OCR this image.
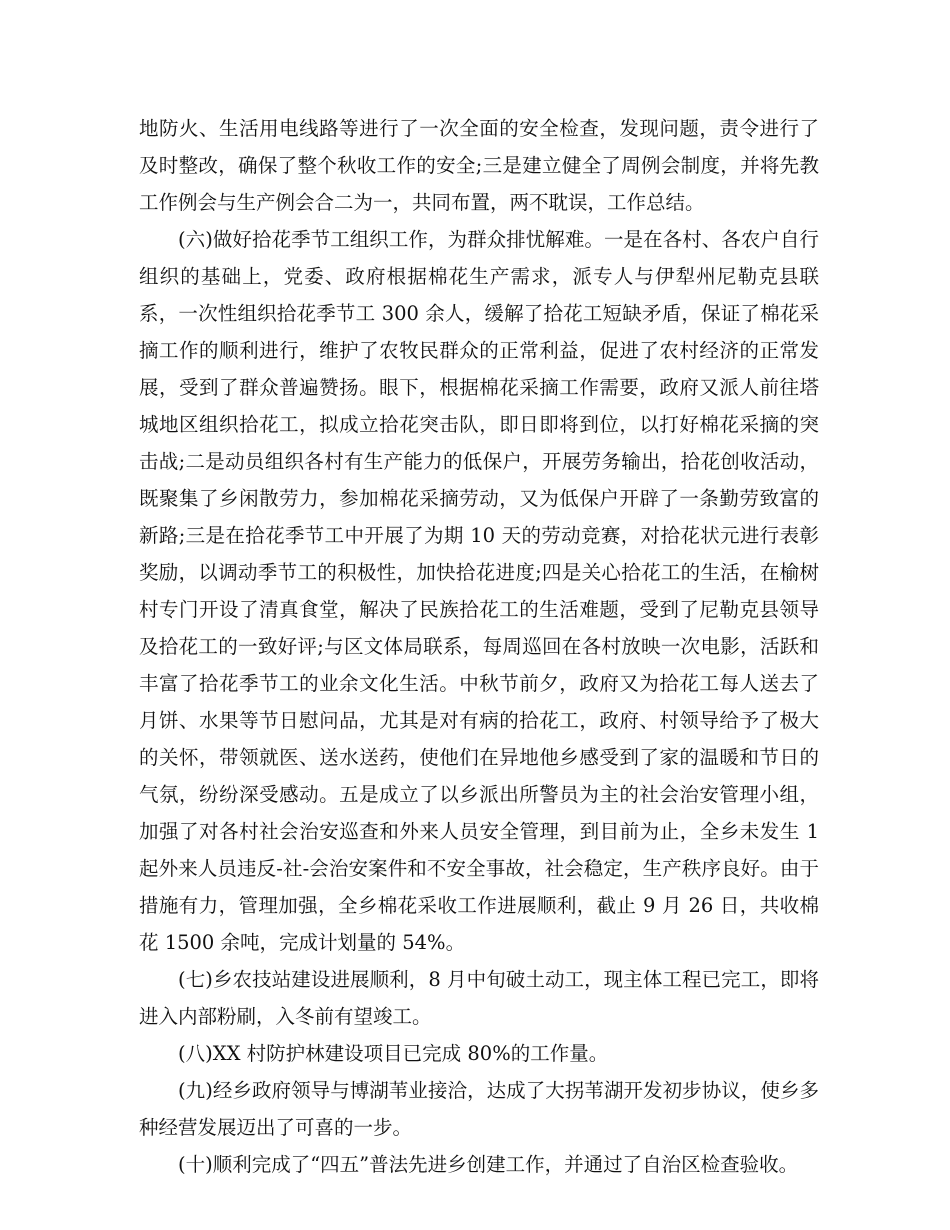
地防火、生活用电线路等进行了一次全面的安全检查，发现问题，责令进行了及时整改，确保了整个秋收工作的安全;三是建立健全了周例会制度，并将先教工作例会与生产例会合二为一，共同布置，两不耽误，工作总结。

(六)做好拾花季节工组织工作，为群众排忧解难。一是在各村、各农户自行组织的基础上，党委、政府根据棉花生产需求，派专人与伊犁州尼勒克县联系，一次性组织拾花季节工 300 余人，缓解了拾花工短缺矛盾，保证了棉花采摘工作的顺利进行，维护了农牧民群众的正常利益，促进了农村经济的正常发展，受到了群众普遍赞扬。眼下，根据棉花采摘工作需要，政府又派人前往塔城地区组织拾花工，拟成立拾花突击队，即日即将到位，以打好棉花采摘的突击战;二是动员组织各村有生产能力的低保户，开展劳务输出，拾花创收活动，既聚集了乡闲散劳力，参加棉花采摘劳动，又为低保户开辟了一条勤劳致富的新路;三是在拾花季节工中开展了为期 10 天的劳动竞赛，对拾花状元进行表彰奖励，以调动季节工的积极性，加快拾花进度;四是关心拾花工的生活，在榆树村专门开设了清真食堂，解决了民族拾花工的生活难题，受到了尼勒克县领导及拾花工的一致好评;与区文体局联系，每周巡回在各村放映一次电影，活跃和丰富了拾花季节工的业余文化生活。中秋节前夕，政府又为拾花工每人送去了月饼、水果等节日慰问品，尤其是对有病的拾花工，政府、村领导给予了极大的关怀，带领就医、送水送药，使他们在异地他乡感受到了家的温暖和节日的气氛，纷纷深受感动。五是成立了以乡派出所警员为主的社会治安管理小组，加强了对各村社会治安巡查和外来人员安全管理，到目前为止，全乡未发生 1 起外来人员违反-社-会治安案件和不安全事故，社会稳定，生产秩序良好。由于措施有力，管理加强，全乡棉花采收工作进展顺利，截止 9 月 26 日，共收棉花 1500 余吨，完成计划量的 54%。

(七)乡农技站建设进展顺利，8 月中旬破土动工，现主体工程已完工，即将进入内部粉刷，入冬前有望竣工。

(八)XX 村防护林建设项目已完成 80%的工作量。

(九)经乡政府领导与博湖苇业接洽，达成了大拐苇湖开发初步协议，使乡多种经营发展迈出了可喜的一步。

(十)顺利完成了“四五”普法先进乡创建工作，并通过了自治区检查验收。
